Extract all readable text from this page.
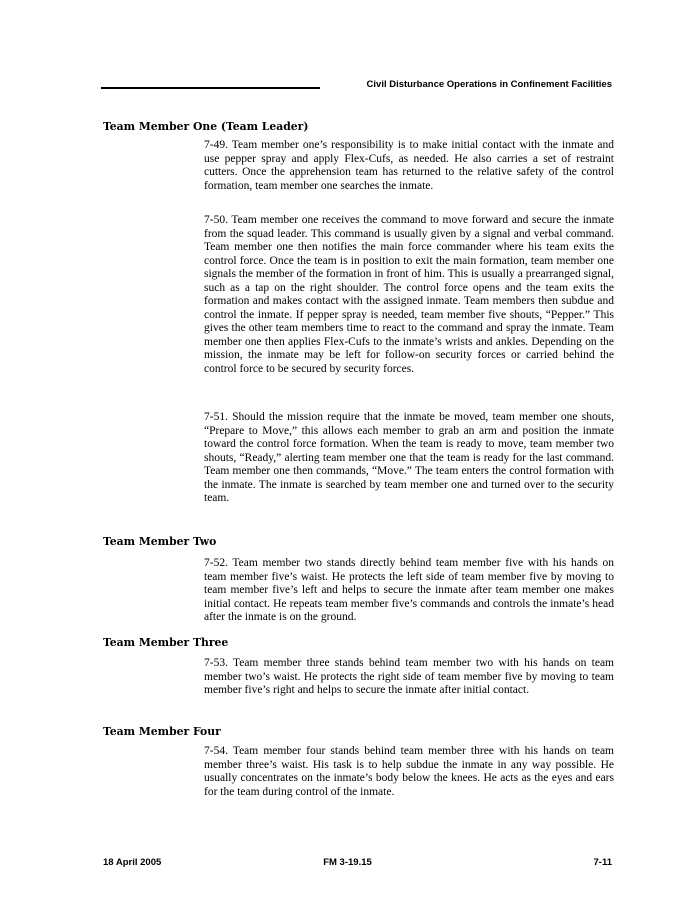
Civil Disturbance Operations in Confinement Facilities
Team Member One (Team Leader)

7-49. Team member one’s responsibility is to make initial contact with the inmate and use pepper spray and apply Flex-Cufs, as needed. He also carries a set of restraint cutters. Once the apprehension team has returned to the relative safety of the control formation, team member one searches the inmate.

7-50. Team member one receives the command to move forward and secure the inmate from the squad leader. This command is usually given by a signal and verbal command. Team member one then notifies the main force commander where his team exits the control force. Once the team is in position to exit the main formation, team member one signals the member of the formation in front of him. This is usually a prearranged signal, such as a tap on the right shoulder. The control force opens and the team exits the formation and makes contact with the assigned inmate. Team members then subdue and control the inmate. If pepper spray is needed, team member five shouts, “Pepper.” This gives the other team members time to react to the command and spray the inmate. Team member one then applies Flex-Cufs to the inmate’s wrists and ankles. Depending on the mission, the inmate may be left for follow-on security forces or carried behind the control force to be secured by security forces.

7-51. Should the mission require that the inmate be moved, team member one shouts, “Prepare to Move,” this allows each member to grab an arm and position the inmate toward the control force formation. When the team is ready to move, team member two shouts, “Ready,” alerting team member one that the team is ready for the last command. Team member one then commands, “Move.” The team enters the control formation with the inmate. The inmate is searched by team member one and turned over to the security team.

Team Member Two

7-52. Team member two stands directly behind team member five with his hands on team member five’s waist. He protects the left side of team member five by moving to team member five’s left and helps to secure the inmate after team member one makes initial contact. He repeats team member five’s commands and controls the inmate’s head after the inmate is on the ground.

Team Member Three

7-53. Team member three stands behind team member two with his hands on team member two’s waist. He protects the right side of team member five by moving to team member five’s right and helps to secure the inmate after initial contact.

Team Member Four

7-54. Team member four stands behind team member three with his hands on team member three’s waist. His task is to help subdue the inmate in any way possible. He usually concentrates on the inmate’s body below the knees. He acts as the eyes and ears for the team during control of the inmate.

18 April 2005	FM 3-19.15	7-11
